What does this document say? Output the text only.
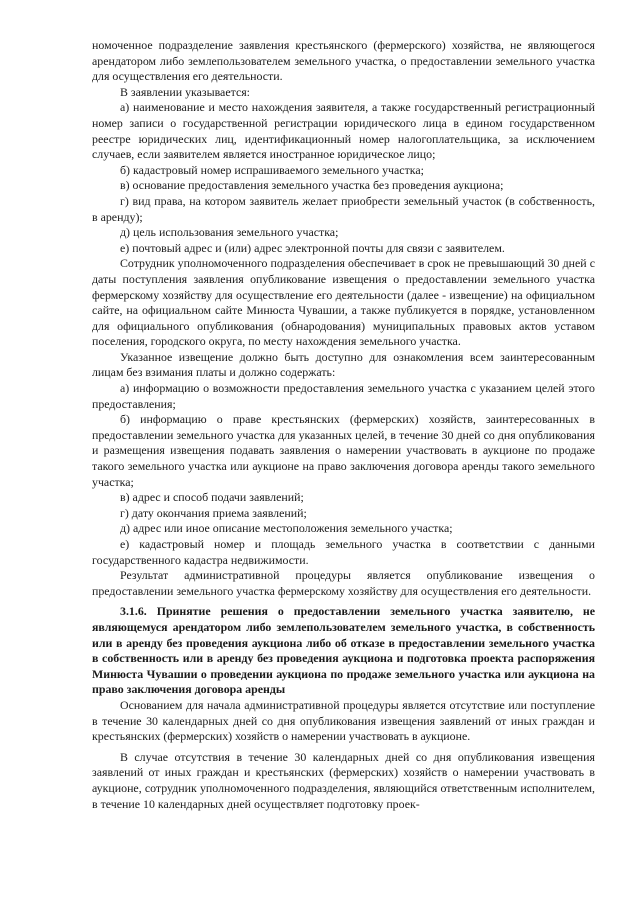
номоченное подразделение заявления крестьянского (фермерского) хозяйства, не являющегося арендатором либо землепользователем земельного участка, о предоставлении земельного участка для осуществления его деятельности.

В заявлении указывается:

а) наименование и место нахождения заявителя, а также государственный регистрационный номер записи о государственной регистрации юридического лица в едином государственном реестре юридических лиц, идентификационный номер налогоплательщика, за исключением случаев, если заявителем является иностранное юридическое лицо;

б) кадастровый номер испрашиваемого земельного участка;

в) основание предоставления земельного участка без проведения аукциона;

г) вид права, на котором заявитель желает приобрести земельный участок (в собственность, в аренду);

д) цель использования земельного участка;

е) почтовый адрес и (или) адрес электронной почты для связи с заявителем.

Сотрудник уполномоченного подразделения обеспечивает в срок не превышающий 30 дней с даты поступления заявления опубликование извещения о предоставлении земельного участка фермерскому хозяйству для осуществление его деятельности (далее - извещение) на официальном сайте, на официальном сайте Минюста Чувашии, а также публикуется в порядке, установленном для официального опубликования (обнародования) муниципальных правовых актов уставом поселения, городского округа, по месту нахождения земельного участка.

Указанное извещение должно быть доступно для ознакомления всем заинтересованным лицам без взимания платы и должно содержать:

а) информацию о возможности предоставления земельного участка с указанием целей этого предоставления;

б) информацию о праве крестьянских (фермерских) хозяйств, заинтересованных в предоставлении земельного участка для указанных целей, в течение 30 дней со дня опубликования и размещения извещения подавать заявления о намерении участвовать в аукционе по продаже такого земельного участка или аукционе на право заключения договора аренды такого земельного участка;

в) адрес и способ подачи заявлений;

г) дату окончания приема заявлений;

д) адрес или иное описание местоположения земельного участка;

е) кадастровый номер и площадь земельного участка в соответствии с данными государственного кадастра недвижимости.

Результат административной процедуры является опубликование извещения о предоставлении земельного участка фермерскому хозяйству для осуществления его деятельности.

3.1.6. Принятие решения о предоставлении земельного участка заявителю, не являющемуся арендатором либо землепользователем земельного участка, в собственность или в аренду без проведения аукциона либо об отказе в предоставлении земельного участка в собственность или в аренду без проведения аукциона и подготовка проекта распоряжения Минюста Чувашии о проведении аукциона по продаже земельного участка или аукциона на право заключения договора аренды

Основанием для начала административной процедуры является отсутствие или поступление в течение 30 календарных дней со дня опубликования извещения заявлений от иных граждан и крестьянских (фермерских) хозяйств о намерении участвовать в аукционе.

В случае отсутствия в течение 30 календарных дней со дня опубликования извещения заявлений от иных граждан и крестьянских (фермерских) хозяйств о намерении участвовать в аукционе, сотрудник уполномоченного подразделения, являющийся ответственным исполнителем, в течение 10 календарных дней осуществляет подготовку проек-
